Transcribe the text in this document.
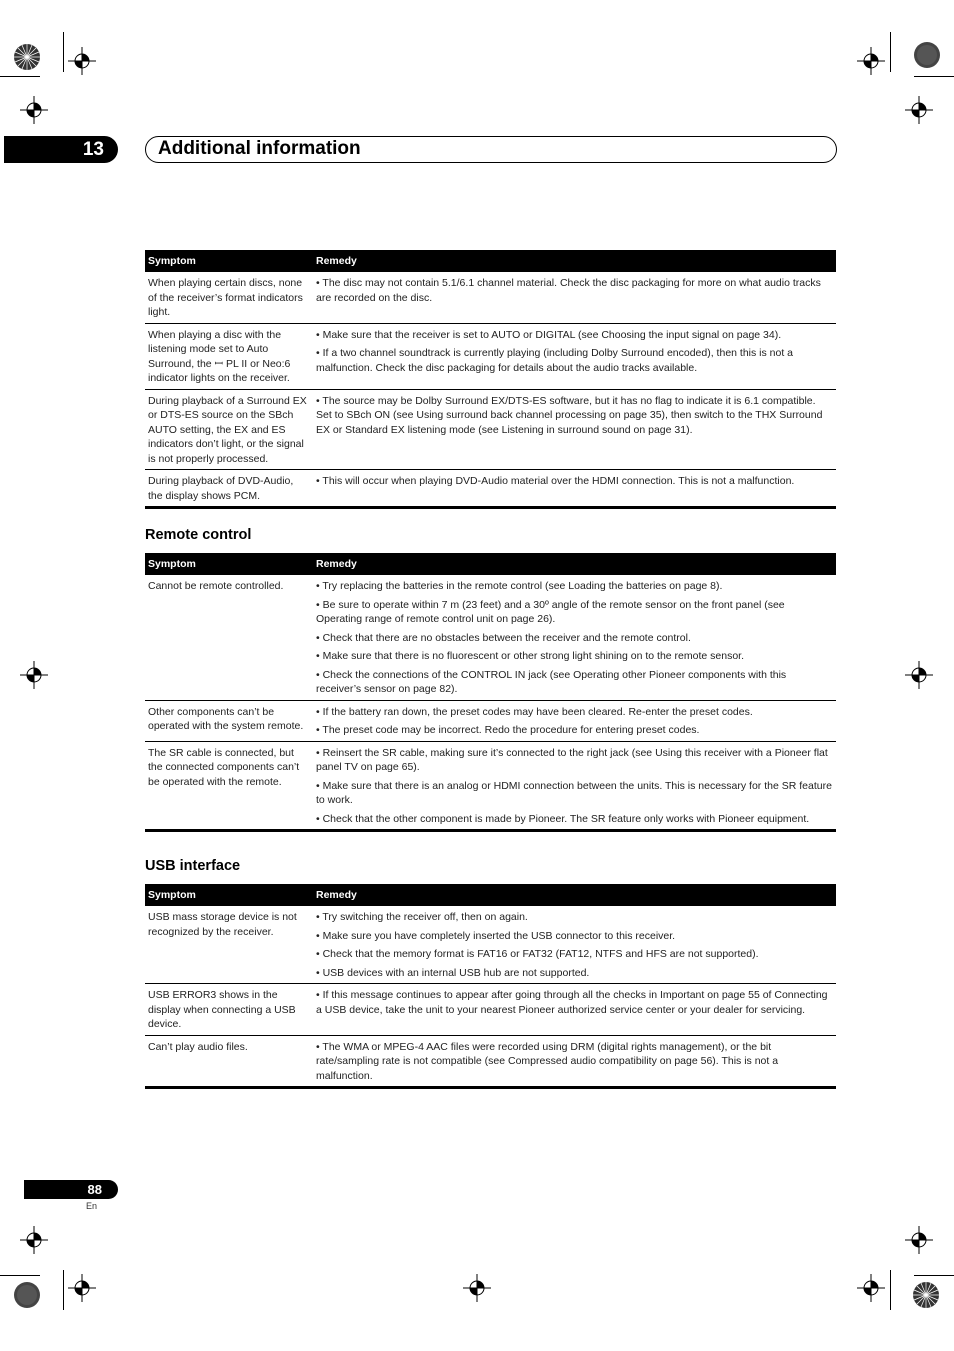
13	Additional information
Symptom	Remedy
When playing certain discs, none of the receiver’s format indicators light.	• The disc may not contain 5.1/6.1 channel material. Check the disc packaging for more on what audio tracks are recorded on the disc.

When playing a disc with the listening mode set to Auto Surround, the ꟷ PL II or Neo:6 indicator lights on the receiver.	• Make sure that the receiver is set to AUTO or DIGITAL (see Choosing the input signal on page 34).
• If a two channel soundtrack is currently playing (including Dolby Surround encoded), then this is not a malfunction. Check the disc packaging for details about the audio tracks available.

During playback of a Surround EX or DTS-ES source on the SBch AUTO setting, the EX and ES indicators don’t light, or the signal is not properly processed.	• The source may be Dolby Surround EX/DTS-ES software, but it has no flag to indicate it is 6.1 compatible. Set to SBch ON (see Using surround back channel processing on page 35), then switch to the THX Surround EX or Standard EX listening mode (see Listening in surround sound on page 31).

During playback of DVD-Audio, the display shows PCM.	• This will occur when playing DVD-Audio material over the HDMI connection. This is not a malfunction.
Remote control
Symptom	Remedy
Cannot be remote controlled.	• Try replacing the batteries in the remote control (see Loading the batteries on page 8).
• Be sure to operate within 7 m (23 feet) and a 30º angle of the remote sensor on the front panel (see Operating range of remote control unit on page 26).
• Check that there are no obstacles between the receiver and the remote control.
• Make sure that there is no fluorescent or other strong light shining on to the remote sensor.
• Check the connections of the CONTROL IN jack (see Operating other Pioneer components with this receiver’s sensor on page 82).

Other components can’t be operated with the system remote.	• If the battery ran down, the preset codes may have been cleared. Re-enter the preset codes.
• The preset code may be incorrect. Redo the procedure for entering preset codes.

The SR cable is connected, but the connected components can’t be operated with the remote.	• Reinsert the SR cable, making sure it’s connected to the right jack (see Using this receiver with a Pioneer flat panel TV on page 65).
• Make sure that there is an analog or HDMI connection between the units. This is necessary for the SR feature to work.
• Check that the other component is made by Pioneer. The SR feature only works with Pioneer equipment.
USB interface
Symptom	Remedy
USB mass storage device is not recognized by the receiver.	• Try switching the receiver off, then on again.
• Make sure you have completely inserted the USB connector to this receiver.
• Check that the memory format is FAT16 or FAT32 (FAT12, NTFS and HFS are not supported).
• USB devices with an internal USB hub are not supported.

USB ERROR3 shows in the display when connecting a USB device.	• If this message continues to appear after going through all the checks in Important on page 55 of Connecting a USB device, take the unit to your nearest Pioneer authorized service center or your dealer for servicing.

Can’t play audio files.	• The WMA or MPEG-4 AAC files were recorded using DRM (digital rights management), or the bit rate/sampling rate is not compatible (see Compressed audio compatibility on page 56). This is not a malfunction.
88
En
